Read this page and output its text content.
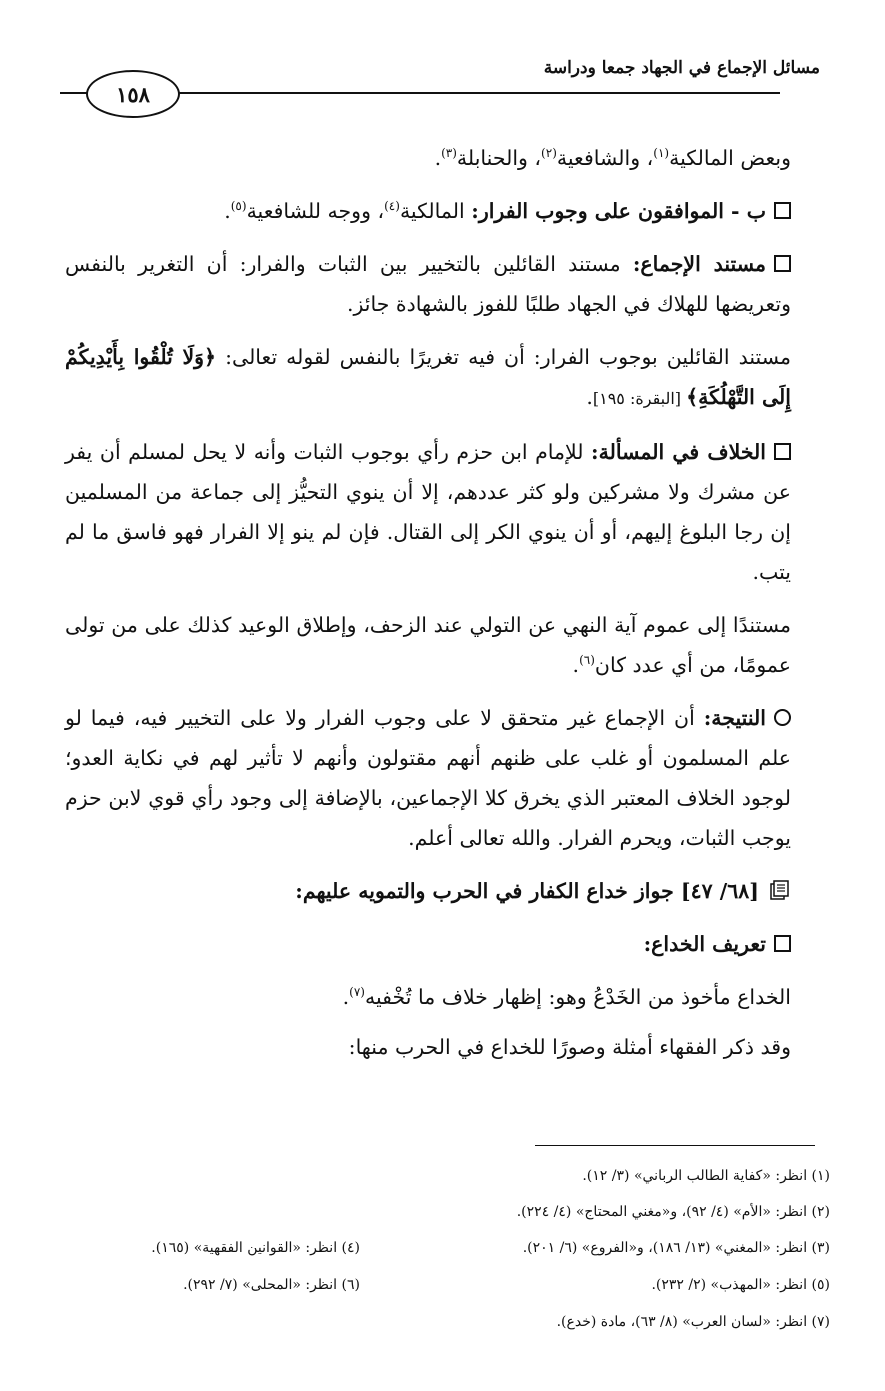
مسائل الإجماع في الجهاد جمعا ودراسة
١٥٨

وبعض المالكية$^{(١)}$، والشافعية$^{(٢)}$، والحنابلة$^{(٣)}$.

ب - الموافقون على وجوب الفرار: المالكية$^{(٤)}$، ووجه للشافعية$^{(٥)}$.

مستند الإجماع: مستند القائلين بالتخيير بين الثبات والفرار: أن التغرير بالنفس وتعريضها للهلاك في الجهاد طلبًا للفوز بالشهادة جائز.

مستند القائلين بوجوب الفرار: أن فيه تغريرًا بالنفس لقوله تعالى: ﴿وَلَا تُلْقُوا بِأَيْدِيكُمْ إِلَى التَّهْلُكَةِ﴾ [البقرة: ١٩٥].

الخلاف في المسألة: للإمام ابن حزم رأي بوجوب الثبات وأنه لا يحل لمسلم أن يفر عن مشرك ولا مشركين ولو كثر عددهم، إلا أن ينوي التحيُّز إلى جماعة من المسلمين إن رجا البلوغ إليهم، أو أن ينوي الكر إلى القتال. فإن لم ينو إلا الفرار فهو فاسق ما لم يتب.

مستندًا إلى عموم آية النهي عن التولي عند الزحف، وإطلاق الوعيد كذلك على من تولى عمومًا، من أي عدد كان$^{(٦)}$.

النتيجة: أن الإجماع غير متحقق لا على وجوب الفرار ولا على التخيير فيه، فيما لو علم المسلمون أو غلب على ظنهم أنهم مقتولون وأنهم لا تأثير لهم في نكاية العدو؛ لوجود الخلاف المعتبر الذي يخرق كلا الإجماعين، بالإضافة إلى وجود رأي قوي لابن حزم يوجب الثبات، ويحرم الفرار. والله تعالى أعلم.

[٦٨/ ٤٧] جواز خداع الكفار في الحرب والتمويه عليهم:

تعريف الخداع:

الخداع مأخوذ من الخَدْعُ وهو: إظهار خلاف ما تُخْفيه$^{(٧)}$.

وقد ذكر الفقهاء أمثلة وصورًا للخداع في الحرب منها:

(١) انظر: «كفاية الطالب الرباني» (٣/ ١٢).
(٢) انظر: «الأم» (٤/ ٩٢)، و«مغني المحتاج» (٤/ ٢٢٤).
(٣) انظر: «المغني» (١٣/ ١٨٦)، و«الفروع» (٦/ ٢٠١).
(٤) انظر: «القوانين الفقهية» (١٦٥).
(٥) انظر: «المهذب» (٢/ ٢٣٢).
(٦) انظر: «المحلى» (٧/ ٢٩٢).
(٧) انظر: «لسان العرب» (٨/ ٦٣)، مادة (خدع).
